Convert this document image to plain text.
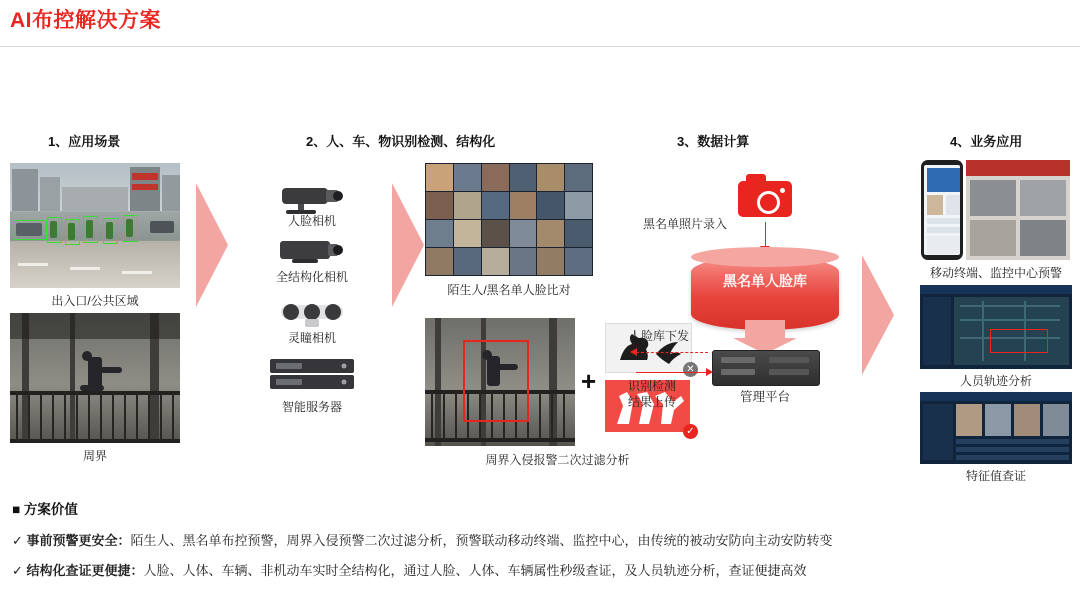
AI布控解决方案
1、应用场景	2、人、车、物识别检测、结构化	3、数据计算	4、业务应用
出入口/公共区域
周界
人脸相机
全结构化相机
灵瞳相机
智能服务器
陌生人/黑名单人脸比对
+	✕
✓
周界入侵报警二次过滤分析
黑名单照片录入
黑名单人脸库
管理平台
人脸库下发
识别检测
结果上传
移动终端、监控中心预警
人员轨迹分析
特征值查证
■ 方案价值
✓ 事前预警更安全：陌生人、黑名单布控预警，周界入侵预警二次过滤分析，预警联动移动终端、监控中心，由传统的被动安防向主动安防转变
✓ 结构化查证更便捷：人脸、人体、车辆、非机动车实时全结构化，通过人脸、人体、车辆属性秒级查证，及人员轨迹分析，查证便捷高效
